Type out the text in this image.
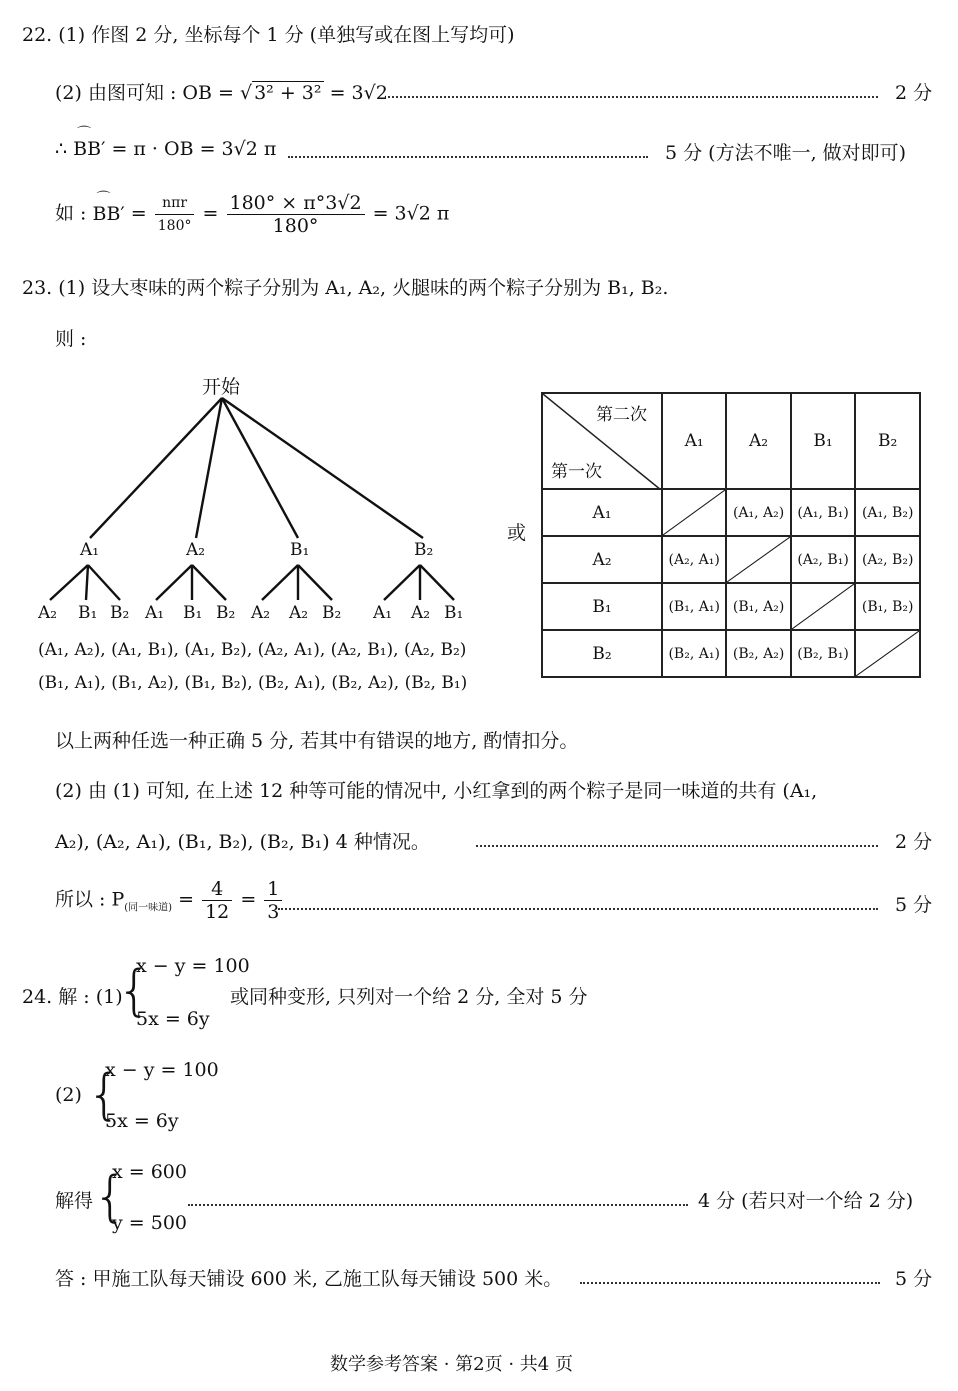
22. (1) 作图 2 分, 坐标每个 1 分 (单独写或在图上写均可)
(2) 由图可知 : OB = √ 3² + 3² = 3√2	2 分
∴ ⌒ BB′ = π · OB = 3√2 π	5 分 (方法不唯一, 做对即可)
如 : ⌒ $BB' = \frac{\text{nπr}}{180^\circ} = \frac{180^\circ \times \pi^\circ 3√2}{180^\circ} = 3√2$ π
23. (1) 设大枣味的两个粽子分别为 A₁, A₂, 火腿味的两个粽子分别为 B₁, B₂.
则 :
开始
A₁	A₂	B₁	B₂
A₂ B₁ B₂ A₁ B₁ B₂ A₂ A₂ B₂ A₁ A₂ B₁
(A₁, A₂), (A₁, B₁), (A₁, B₂), (A₂, A₁), (A₂, B₁), (A₂, B₂)
(B₁, A₁), (B₁, A₂), (B₁, B₂), (B₂, A₁), (B₂, A₂), (B₂, B₁)
或
第二次
第一次	A₁	A₂	B₁	B₂
A₁		(A₁, A₂)	(A₁, B₁)	(A₁, B₂)
A₂	(A₂, A₁)		(A₂, B₁)	(A₂, B₂)
B₁	(B₁, A₁)	(B₁, A₂)		(B₁, B₂)
B₂	(B₂, A₁)	(B₂, A₂)	(B₂, B₁)	
以上两种任选一种正确 5 分, 若其中有错误的地方, 酌情扣分。
(2) 由 (1) 可知, 在上述 12 种等可能的情况中, 小红拿到的两个粽子是同一味道的共有 (A₁,
A₂), (A₂, A₁), (B₁, B₂), (B₂, B₁) 4 种情况。	2 分
所以 : $P_{(同一味道)} = \frac{4}{12} = \frac{1}{3}$	5 分
24. 解 : (1)
{
x − y = 100
5x = 6y
或同种变形, 只列对一个给 2 分, 全对 5 分
(2) {
x − y = 100
5x = 6y
解得 {
x = 600
y = 500
4 分 (若只对一个给 2 分)
答 : 甲施工队每天铺设 600 米, 乙施工队每天铺设 500 米。	5 分
数学参考答案 · 第2页 · 共4 页
